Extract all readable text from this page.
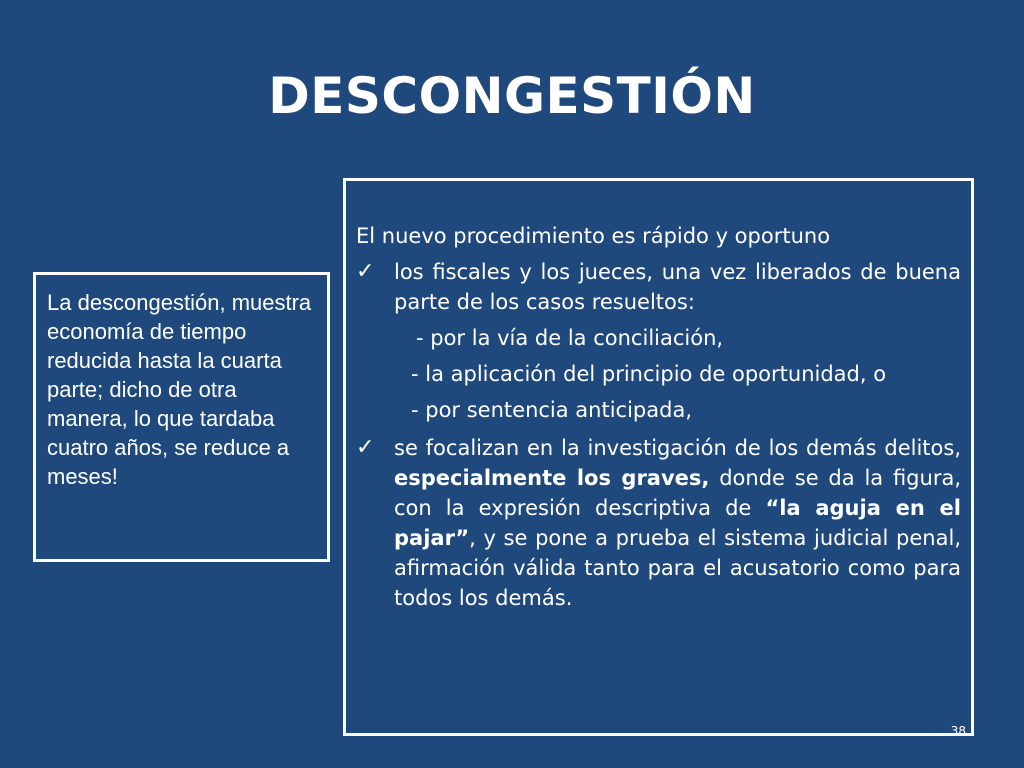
DESCONGESTIÓN
La descongestión, muestra economía de tiempo reducida hasta la cuarta parte; dicho de otra manera, lo que tardaba cuatro años, se reduce a meses!
El nuevo procedimiento es rápido y oportuno
✓ los fiscales y los jueces, una vez liberados de buena parte de los casos resueltos:
- por la vía de la conciliación,
- la aplicación del principio de oportunidad, o
- por sentencia anticipada,
✓ se focalizan en la investigación de los demás delitos, especialmente los graves, donde se da la figura, con la expresión descriptiva de “la aguja en el pajar”, y se pone a prueba el sistema judicial penal, afirmación válida tanto para el acusatorio como para todos los demás.
38
